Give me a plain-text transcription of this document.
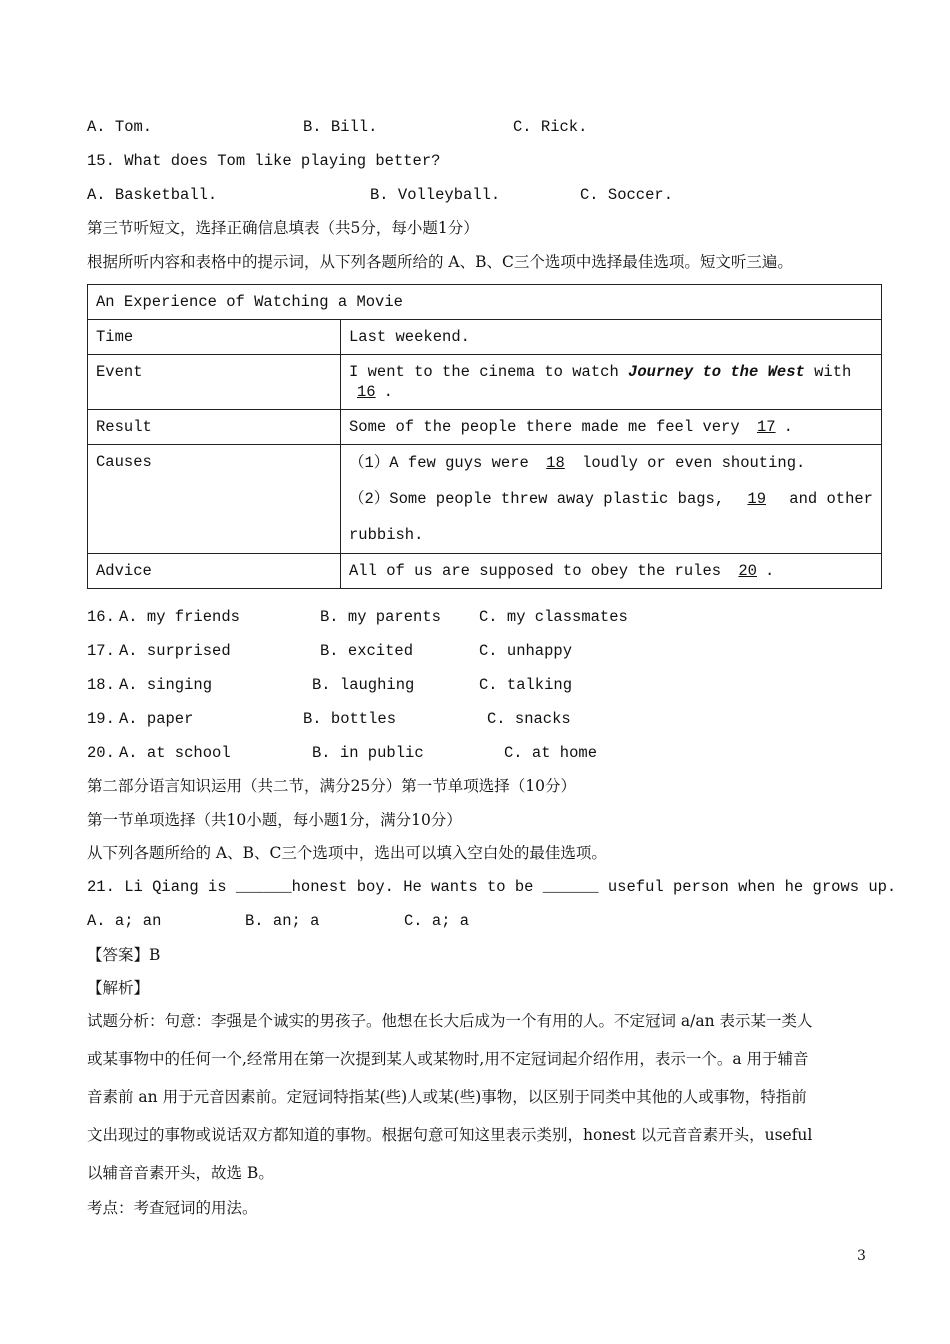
A. Tom.	B. Bill.	C. Rick.
15. What does Tom like playing better?
A. Basketball.	B. Volleyball.	C. Soccer.
第三节听短文，选择正确信息填表（共5分，每小题1分）
根据所听内容和表格中的提示词，从下列各题所给的 A、B、C三个选项中选择最佳选项。短文听三遍。
An Experience of Watching a Movie	
Time	Last weekend.
Event	I went to the cinema to watch Journey to the West with 16 .
Result	Some of the people there made me feel very 17 .
Causes	（1）A few guys were 18 loudly or even shouting.
（2）Some people threw away plastic bags, 19 and other
rubbish.

Advice	All of us are supposed to obey the rules 20 .
16. A. my friends	B. my parents C. my classmates
17. A. surprised	B. excited	C. unhappy
18. A. singing	B. laughing	C. talking
19. A. paper	B. bottles	C. snacks
20. A. at school	B. in public	C. at home
第二部分语言知识运用（共二节，满分25分）第一节单项选择（10分）
第一节单项选择（共10小题，每小题1分，满分10分）
从下列各题所给的 A、B、C三个选项中，选出可以填入空白处的最佳选项。
21. Li Qiang is ______honest boy. He wants to be ______ useful person when he grows up.
A. a; an	B. an; a	C. a; a
【答案】B
【解析】
试题分析：句意：李强是个诚实的男孩子。他想在长大后成为一个有用的人。不定冠词 a/an 表示某一类人
或某事物中的任何一个,经常用在第一次提到某人或某物时,用不定冠词起介绍作用，表示一个。a 用于辅音
音素前 an 用于元音因素前。定冠词特指某(些)人或某(些)事物，以区别于同类中其他的人或事物，特指前
文出现过的事物或说话双方都知道的事物。根据句意可知这里表示类别，honest 以元音音素开头，useful
以辅音音素开头，故选 B。
考点：考查冠词的用法。
3
